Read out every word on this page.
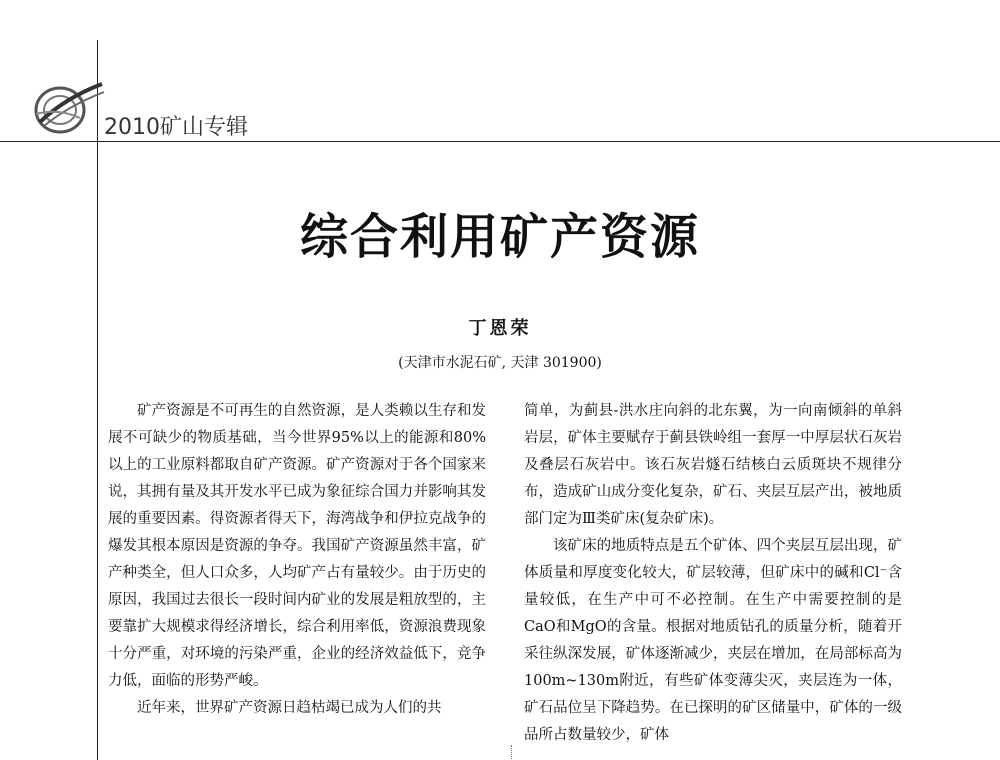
2010矿山专辑
综合利用矿产资源
丁恩荣
(天津市水泥石矿, 天津 301900)

矿产资源是不可再生的自然资源，是人类赖以生存和发展不可缺少的物质基础，当今世界95%以上的能源和80%以上的工业原料都取自矿产资源。矿产资源对于各个国家来说，其拥有量及其开发水平已成为象征综合国力并影响其发展的重要因素。得资源者得天下，海湾战争和伊拉克战争的爆发其根本原因是资源的争夺。我国矿产资源虽然丰富，矿产种类全，但人口众多，人均矿产占有量较少。由于历史的原因，我国过去很长一段时间内矿业的发展是粗放型的，主要靠扩大规模求得经济增长，综合利用率低，资源浪费现象十分严重，对环境的污染严重，企业的经济效益低下，竞争力低，面临的形势严峻。

近年来，世界矿产资源日趋枯竭已成为人们的共

简单，为蓟县-洪水庄向斜的北东翼，为一向南倾斜的单斜岩层，矿体主要赋存于蓟县铁岭组一套厚一中厚层状石灰岩及叠层石灰岩中。该石灰岩燧石结核白云质斑块不规律分布，造成矿山成分变化复杂，矿石、夹层互层产出，被地质部门定为Ⅲ类矿床(复杂矿床)。

该矿床的地质特点是五个矿体、四个夹层互层出现，矿体质量和厚度变化较大，矿层较薄，但矿床中的碱和Cl⁻含量较低，在生产中可不必控制。在生产中需要控制的是CaO和MgO的含量。根据对地质钻孔的质量分析，随着开采往纵深发展，矿体逐渐减少，夹层在增加，在局部标高为100m~130m附近，有些矿体变薄尖灭，夹层连为一体，矿石品位呈下降趋势。在已探明的矿区储量中，矿体的一级品所占数量较少，矿体
